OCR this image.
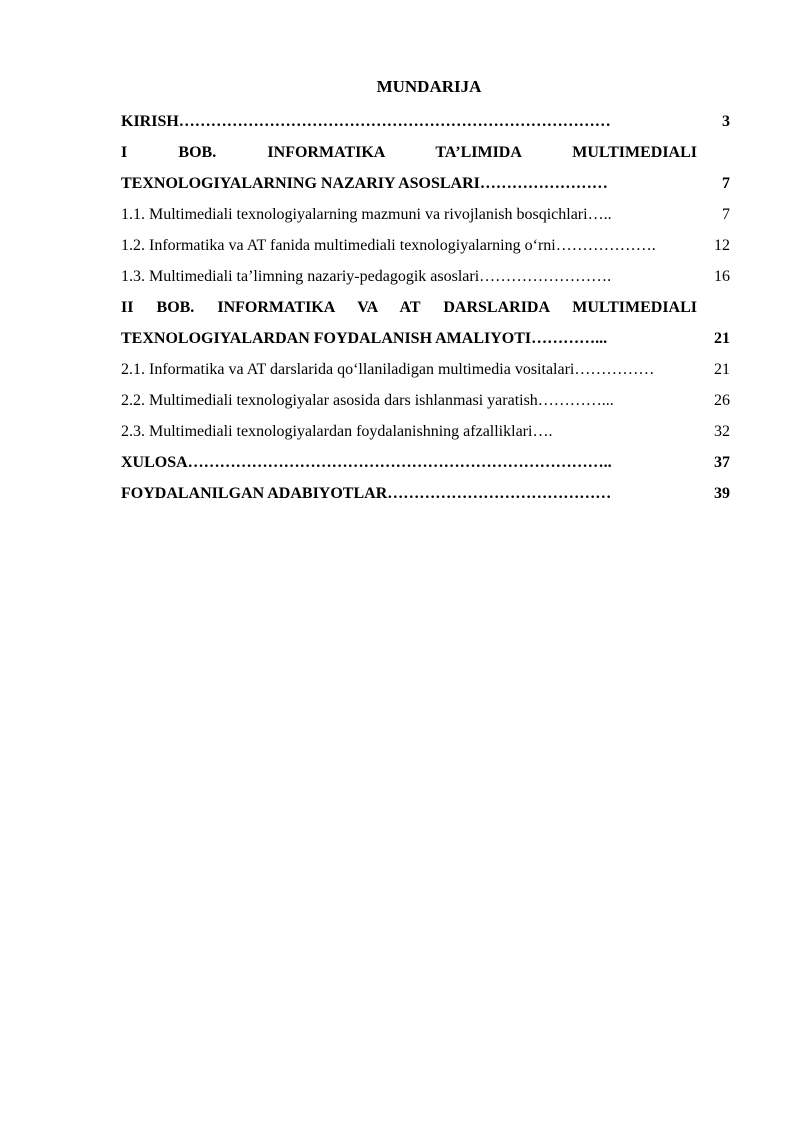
MUNDARIJA
KIRISH………………………………………………………………………	3
I BOB. INFORMATIKA TA’LIMIDA MULTIMEDIALI TEXNOLOGIYALARNING NAZARIY ASOSLARI……………………	7
1.1. Multimediali texnologiyalarning mazmuni va rivojlanish bosqichlari…..	7
1.2. Informatika va AT fanida multimediali texnologiyalarning o‘rni……………….	12
1.3. Multimediali ta’limning nazariy-pedagogik asoslari…………………….	16
II BOB. INFORMATIKA VA AT DARSLARIDA MULTIMEDIALI TEXNOLOGIYALARDAN FOYDALANISH AMALIYOTI…………...	21
2.1. Informatika va AT darslarida qo‘llaniladigan multimedia vositalari……………	21
2.2. Multimediali texnologiyalar asosida dars ishlanmasi yaratish…………...	26
2.3. Multimediali texnologiyalardan foydalanishning afzalliklari….	32
XULOSA……………………………………………………………………..	37
FOYDALANILGAN ADABIYOTLAR……………………………………	39
